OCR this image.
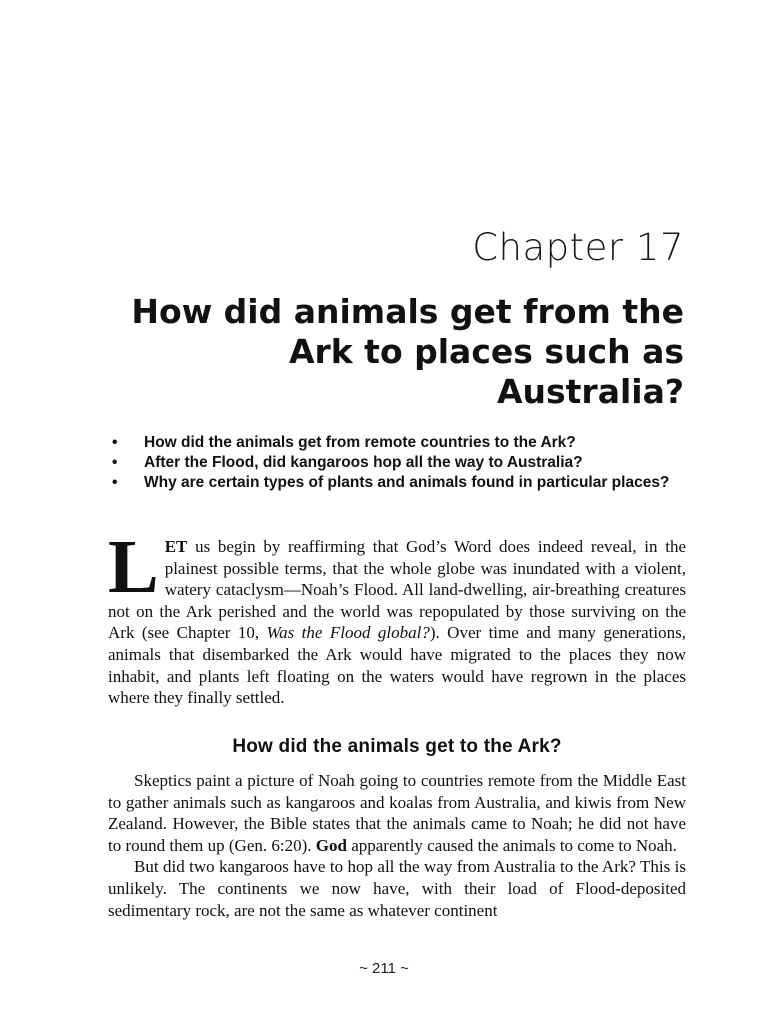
Chapter 17
How did animals get from the Ark to places such as Australia?
• How did the animals get from remote countries to the Ark?
• After the Flood, did kangaroos hop all the way to Australia?
• Why are certain types of plants and animals found in particular places?

LET us begin by reaffirming that God’s Word does indeed reveal, in the plainest possible terms, that the whole globe was inundated with a violent, watery cataclysm—Noah’s Flood. All land-dwelling, air-breathing creatures not on the Ark perished and the world was repopulated by those surviving on the Ark (see Chapter 10, Was the Flood global?). Over time and many generations, animals that disembarked the Ark would have migrated to the places they now inhabit, and plants left floating on the waters would have regrown in the places where they finally settled.

How did the animals get to the Ark?

Skeptics paint a picture of Noah going to countries remote from the Middle East to gather animals such as kangaroos and koalas from Australia, and kiwis from New Zealand. However, the Bible states that the animals came to Noah; he did not have to round them up (Gen. 6:20). God apparently caused the animals to come to Noah.

But did two kangaroos have to hop all the way from Australia to the Ark? This is unlikely. The continents we now have, with their load of Flood-deposited sedimentary rock, are not the same as whatever continent

~ 211 ~
